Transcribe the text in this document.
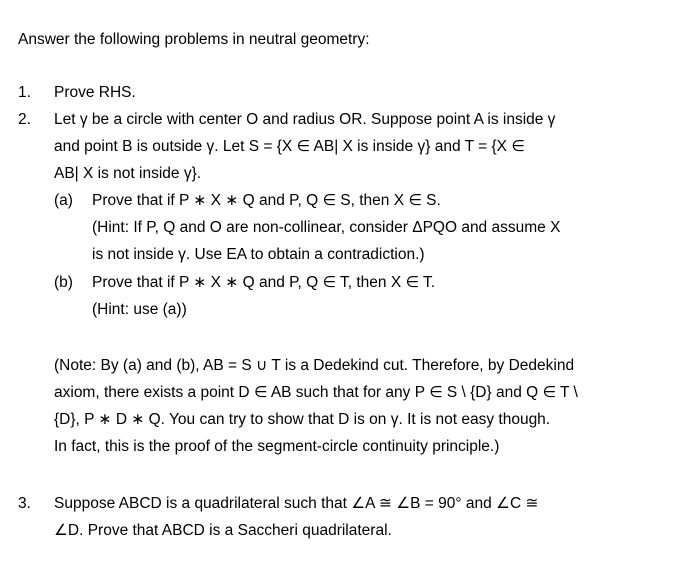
Answer the following problems in neutral geometry:
1. Prove RHS.
2. Let γ be a circle with center O and radius OR. Suppose point A is inside γ
and point B is outside γ. Let S = {X ∈ AB| X is inside γ} and T = {X ∈
AB| X is not inside γ}.
(a) Prove that if P ∗ X ∗ Q and P, Q ∈ S, then X ∈ S.
(Hint: If P, Q and O are non-collinear, consider ΔPQO and assume X
is not inside γ. Use EA to obtain a contradiction.)
(b) Prove that if P ∗ X ∗ Q and P, Q ∈ T, then X ∈ T.
(Hint: use (a))
(Note: By (a) and (b), AB = S ∪ T is a Dedekind cut. Therefore, by Dedekind
axiom, there exists a point D ∈ AB such that for any P ∈ S \ {D} and Q ∈ T \
{D}, P ∗ D ∗ Q. You can try to show that D is on γ. It is not easy though.
In fact, this is the proof of the segment-circle continuity principle.)
3. Suppose ABCD is a quadrilateral such that ∠A ≅ ∠B = 90° and ∠C ≅
∠D. Prove that ABCD is a Saccheri quadrilateral.
